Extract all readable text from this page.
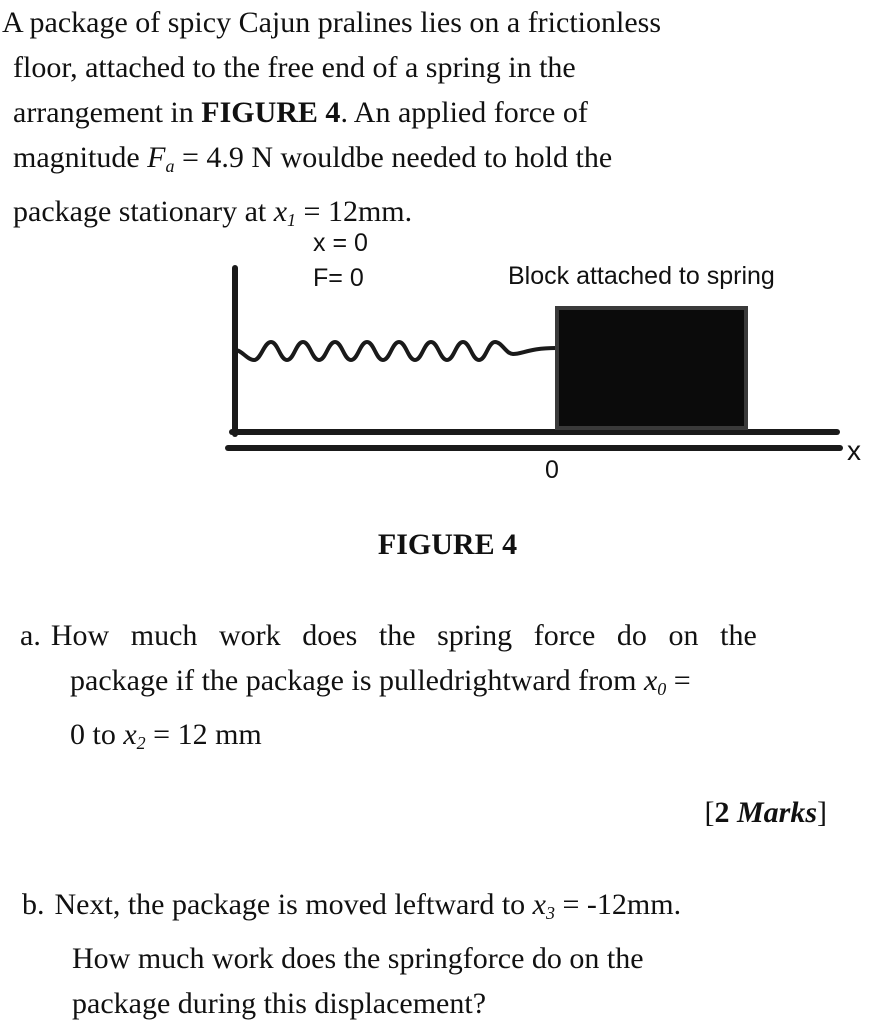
A package of spicy Cajun pralines lies on a frictionless
floor, attached to the free end of a spring in the
arrangement in FIGURE 4. An applied force of
magnitude $F_a = 4.9$ N wouldbe needed to hold the
package stationary at $x_1 = 12mm$.
x = 0
F= 0	Block attached to spring
x
0
FIGURE 4
a. How much work does the spring force do on the
package if the package is pulledrightward from $x_0$ =
0 to $x_2 = 12$ mm
[2 Marks]
b. Next, the package is moved leftward to $x_3 = -12mm$.
How much work does the springforce do on the
package during this displacement?
